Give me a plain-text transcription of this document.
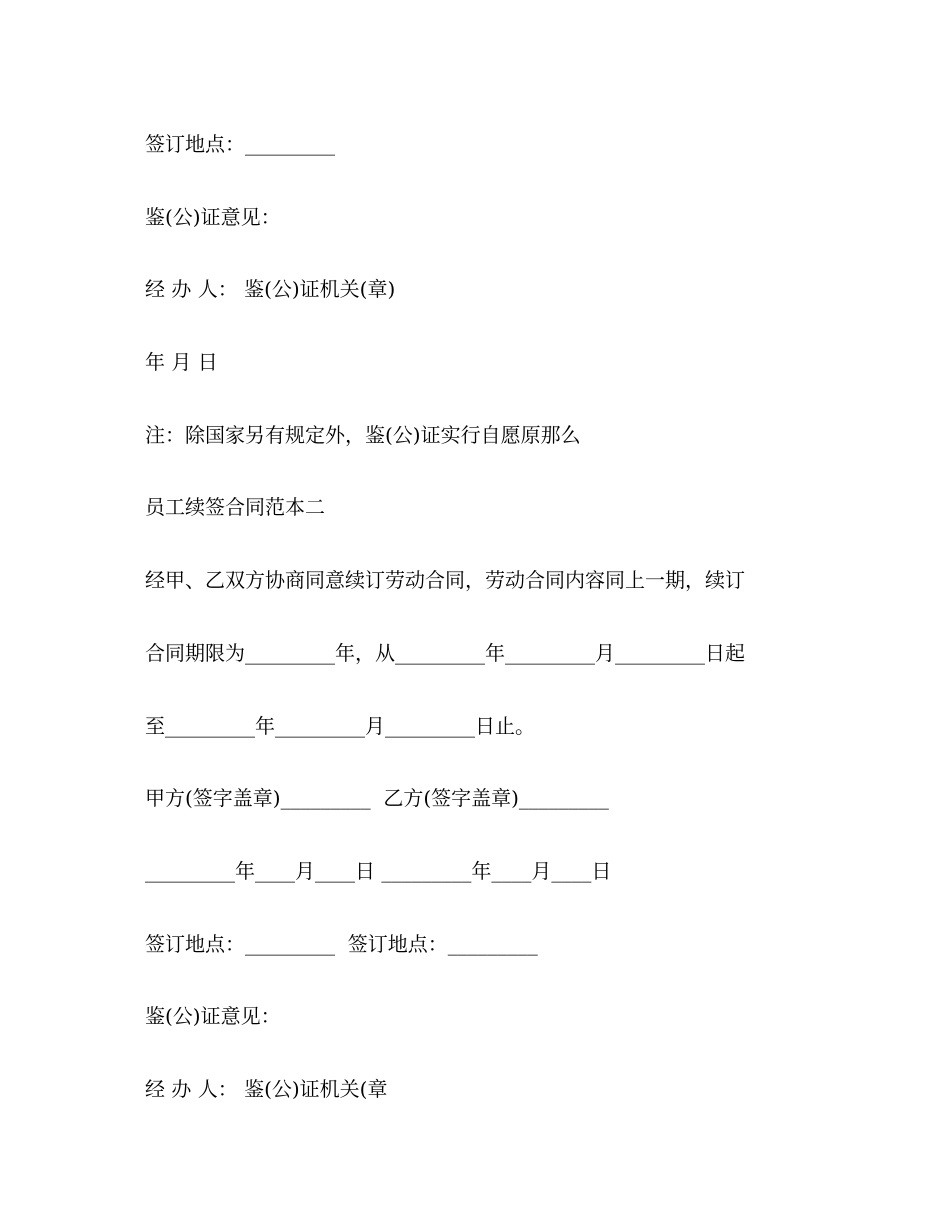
签订地点：_________
鉴(公)证意见：
经 办 人： 鉴(公)证机关(章)
年 月 日
注：除国家另有规定外，鉴(公)证实行自愿原那么
员工续签合同范本二
经甲、乙双方协商同意续订劳动合同，劳动合同内容同上一期，续订
合同期限为_________年，从_________年_________月_________日起
至_________年_________月_________日止。
甲方(签字盖章)_________  乙方(签字盖章)_________
_________年____月____日 _________年____月____日
签订地点：_________  签订地点：_________
鉴(公)证意见：
经 办 人： 鉴(公)证机关(章
